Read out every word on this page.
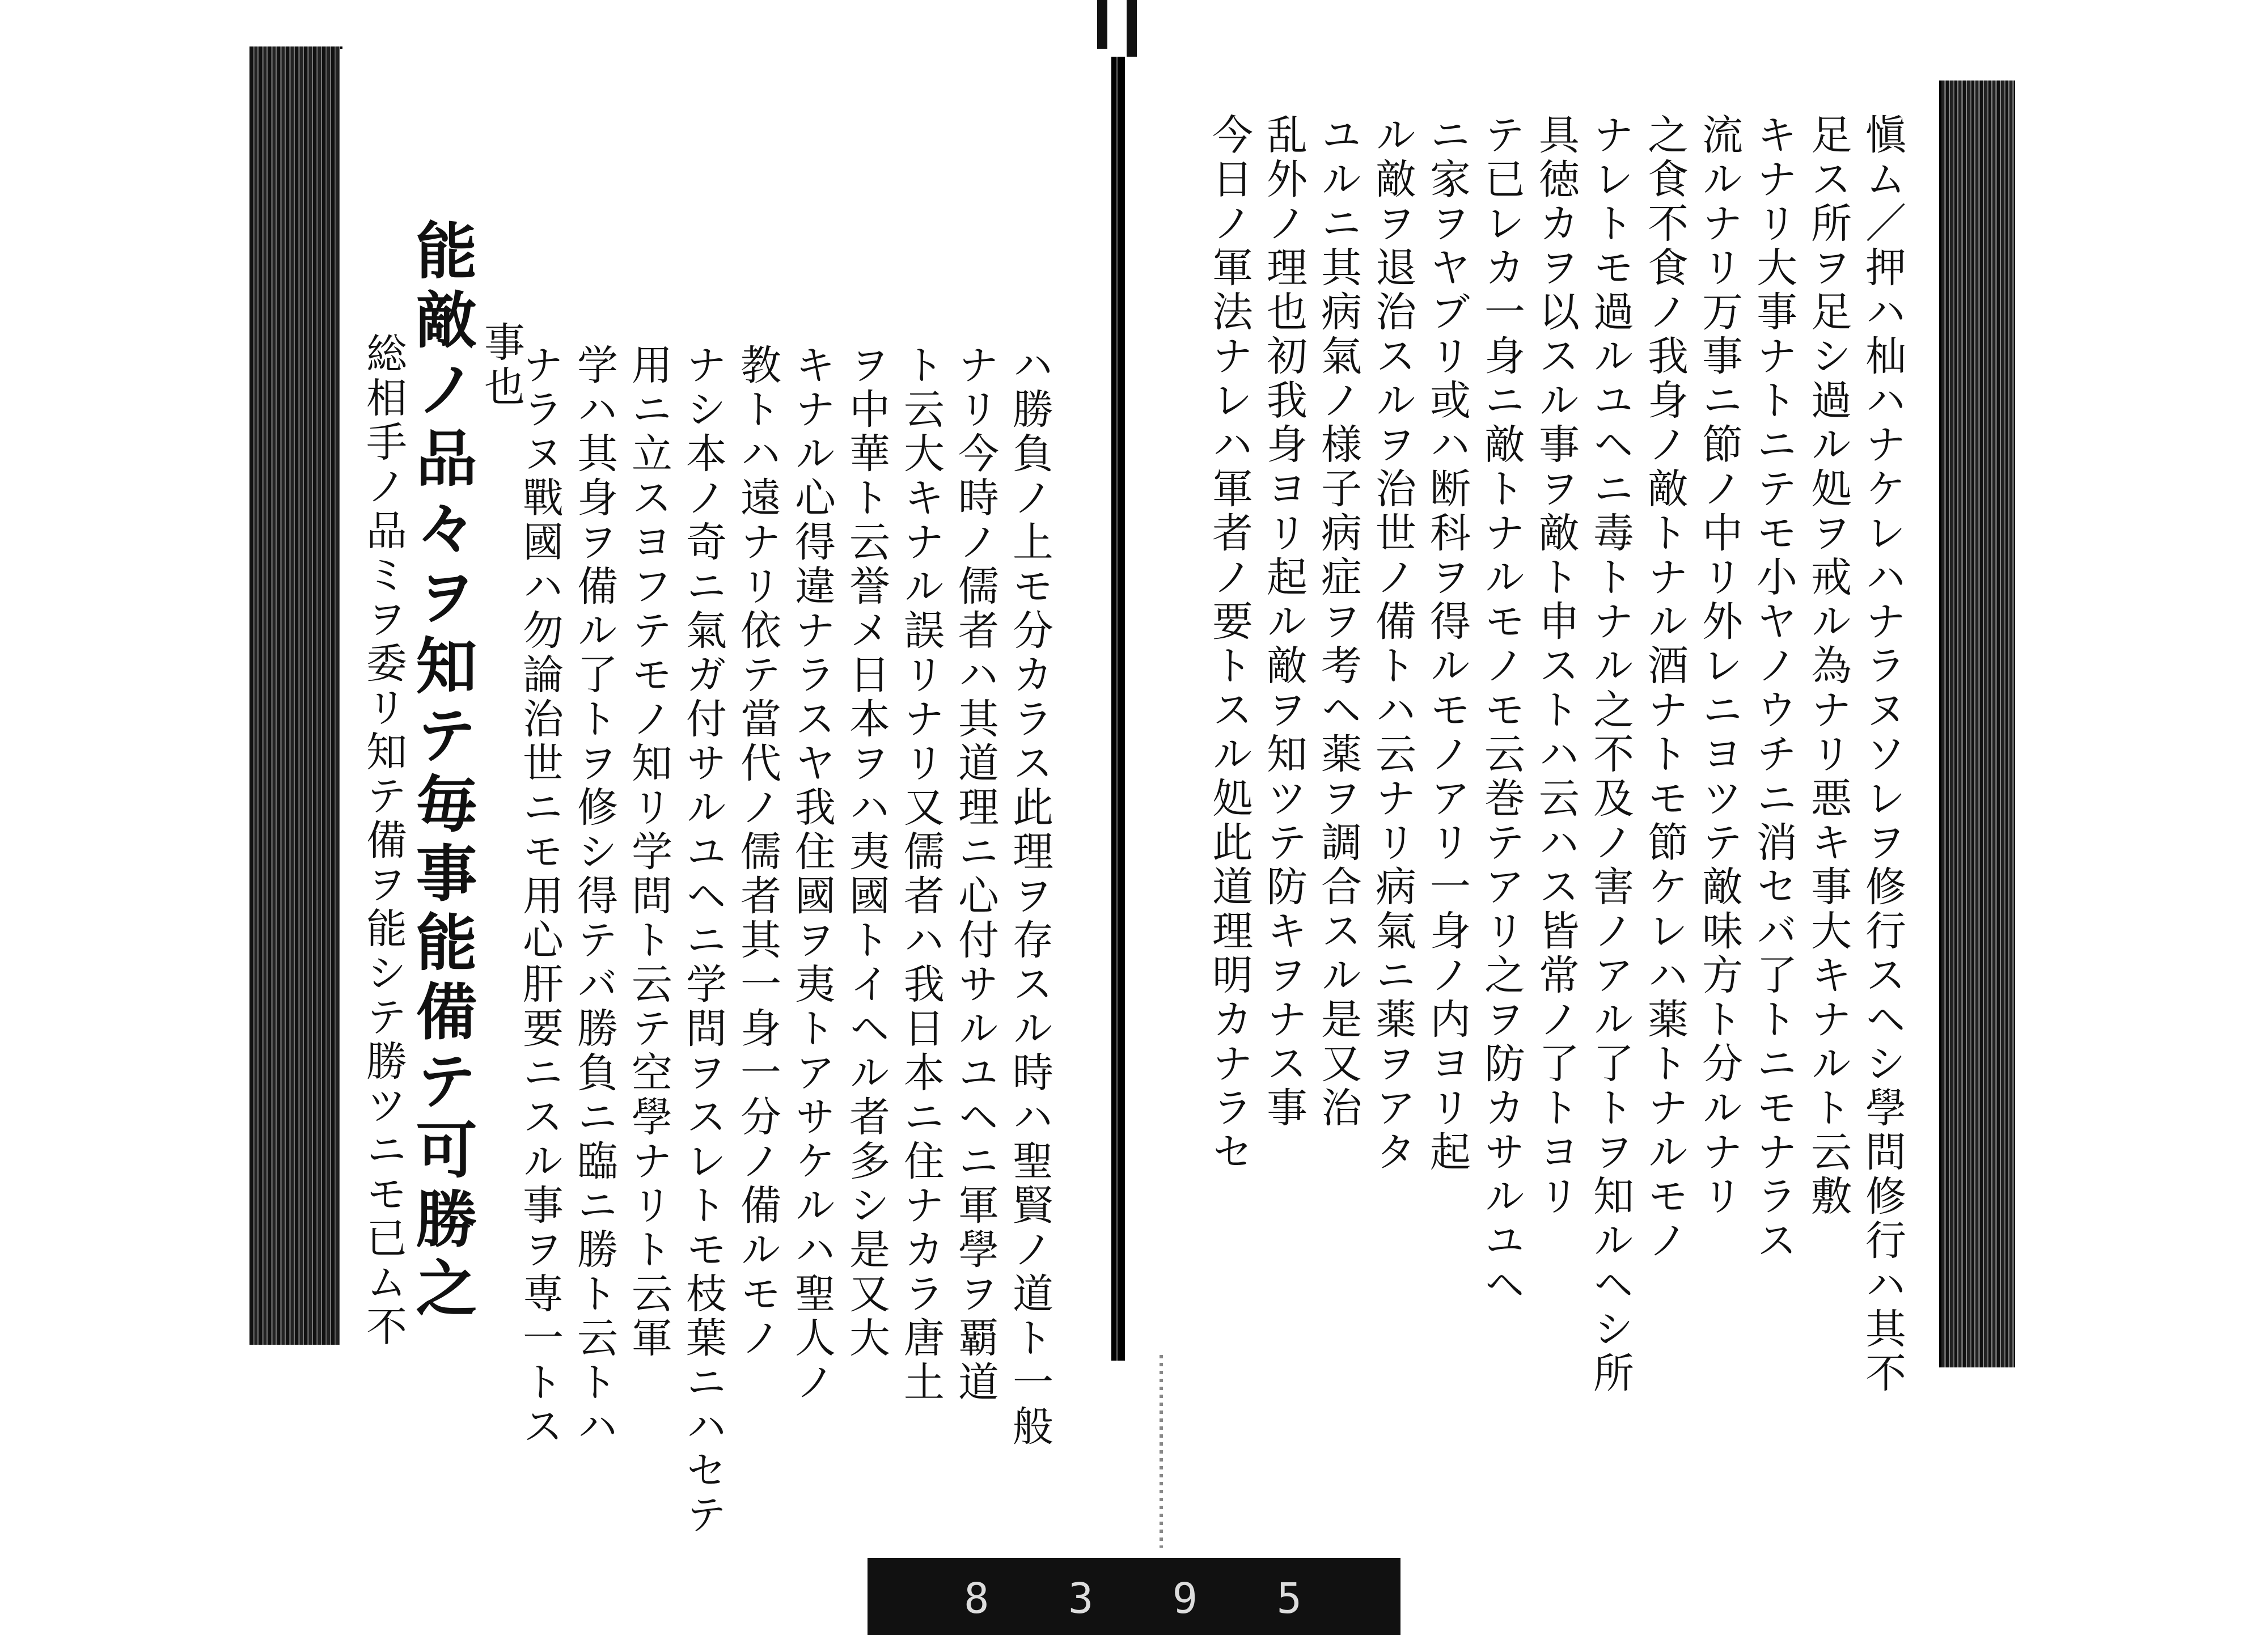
愼ム／押ハ杣ハナケレハナラヌソレヲ修行スヘシ學問修行ハ其不
足ス所ヲ足シ過ル処ヲ戒ル為ナリ悪キ事大キナルト云敷
キナリ大事ナトニテモ小ヤノウチニ消セバ了トニモナラス
流ルナリ万事ニ節ノ中リ外レニヨツテ敵味方ト分ルナリ
之食不食ノ我身ノ敵トナル酒ナトモ節ケレハ薬トナルモノ
ナレトモ過ルユヘニ毒トナル之不及ノ害ノアル了トヲ知ルヘシ所
具徳カヲ以スル事ヲ敵ト申ストハ云ハス皆常ノ了トヨリ
テ已レカ一身ニ敵トナルモノモ云巻テアリ之ヲ防カサルユヘ
ニ家ヲヤブリ或ハ断科ヲ得ルモノアリ一身ノ内ヨリ起
ル敵ヲ退治スルヲ治世ノ備トハ云ナリ病氣ニ薬ヲアタ
ユルニ其病氣ノ様子病症ヲ考ヘ薬ヲ調合スル是又治
乱外ノ理也初我身ヨリ起ル敵ヲ知ツテ防キヲナス事
今日ノ軍法ナレハ軍者ノ要トスル処此道理明カナラセ
ハ勝負ノ上モ分カラス此理ヲ存スル時ハ聖賢ノ道ト一般
ナリ今時ノ儒者ハ其道理ニ心付サルユヘニ軍學ヲ覇道
ト云大キナル誤リナリ又儒者ハ我日本ニ住ナカラ唐土
ヲ中華ト云誉メ日本ヲハ夷國トイヘル者多シ是又大
キナル心得違ナラスヤ我住國ヲ夷トアサケルハ聖人ノ
教トハ遠ナリ依テ當代ノ儒者其一身一分ノ備ルモノ
ナシ本ノ奇ニ氣ガ付サルユヘニ学問ヲスレトモ枝葉ニハセテ
用ニ立スヨフテモノ知リ学問ト云テ空學ナリト云軍
学ハ其身ヲ備ル了トヲ修シ得テバ勝負ニ臨ニ勝ト云トハ
ナラヌ戰國ハ勿論治世ニモ用心肝要ニスル事ヲ専一トス
事也
能敵ノ品々ヲ知テ毎事能備テ可勝之
総相手ノ品ミヲ委リ知テ備ヲ能シテ勝ツニモ已ム不
8 3 9 5
